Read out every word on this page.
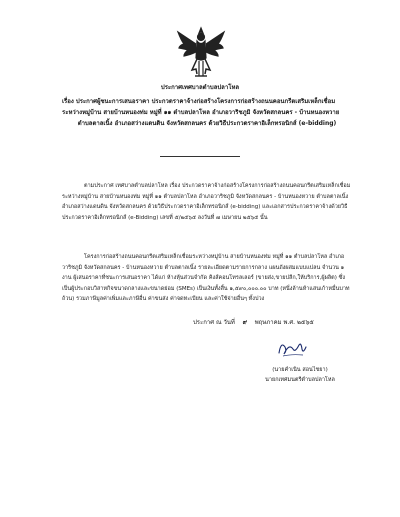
ประกาศเทศบาลตำบลปลาโหล
เรื่อง ประกาศผู้ชนะการเสนอราคา ประกวดราคาจ้างก่อสร้างโครงการก่อสร้างถนนคอนกรีตเสริมเหล็กเชื่อม
ระหว่างหมู่บ้าน สายบ้านหนองท่ม หมู่ที่ ๑๑ ตำบลปลาโหล อำเภอวาริชภูมิ จังหวัดสกลนคร - บ้านหนองหวาย
ตำบลตาลเนิ้ง อำเภอสว่างแดนดิน จังหวัดสกลนคร ด้วยวิธีประกวดราคาอิเล็กทรอนิกส์ (e-bidding)
ตามประกาศ เทศบาลตำบลปลาโหล เรื่อง ประกวดราคาจ้างก่อสร้างโครงการก่อสร้างถนนคอนกรีตเสริมเหล็กเชื่อมระหว่างหมู่บ้าน สายบ้านหนองท่ม หมู่ที่ ๑๑ ตำบลปลาโหล อำเภอวาริชภูมิ จังหวัดสกลนคร - บ้านหนองหวาย ตำบลตาลเนิ้ง อำเภอสว่างแดนดิน จังหวัดสกลนคร ด้วยวิธีประกวดราคาอิเล็กทรอนิกส์ (e-bidding) และเอกสารประกวดราคาจ้างด้วยวิธีประกวดราคาอิเล็กทรอนิกส์ (e-Bidding) เลขที่ ๕/๒๕๖๕ ลงวันที่ ๗ เมษายน ๒๕๖๕ นั้น
โครงการก่อสร้างถนนคอนกรีตเสริมเหล็กเชื่อมระหว่างหมู่บ้าน สายบ้านหนองท่ม หมู่ที่ ๑๑ ตำบลปลาโหล อำเภอวาริชภูมิ จังหวัดสกลนคร - บ้านหนองหวาย ตำบลตาลเนิ้ง รายละเอียดตามรายการกลาง แผนถังผสมแบบแปลน จำนวน ๑ งาน ผู้เสนอราคาที่ชนะการเสนอราคา ได้แก่ ห้างหุ้นส่วนจำกัด คิงส์คอนโทรลเลอร์ (ขายส่ง,ขายปลีก,ให้บริการ,ผู้ผลิต) ซึ่งเป็นผู้ประกอบวิสาหกิจขนาดกลางและขนาดย่อม (SMEs) เป็นเงินทั้งสิ้น ๑,๕๙๐,๐๐๐.๐๐ บาท (หนึ่งล้านห้าแสนเก้าหมื่นบาทถ้วน) รวมภาษีมูลค่าเพิ่มและภาษีอื่น ค่าขนส่ง ค่าจดทะเบียน และค่าใช้จ่ายอื่นๆ ทั้งปวง
ประกาศ ณ วันที่ ๙ พฤษภาคม พ.ศ. ๒๕๖๕
(นายคำเนิน สอนไชยา)
นายกเทศมนตรีตำบลปลาโหล
